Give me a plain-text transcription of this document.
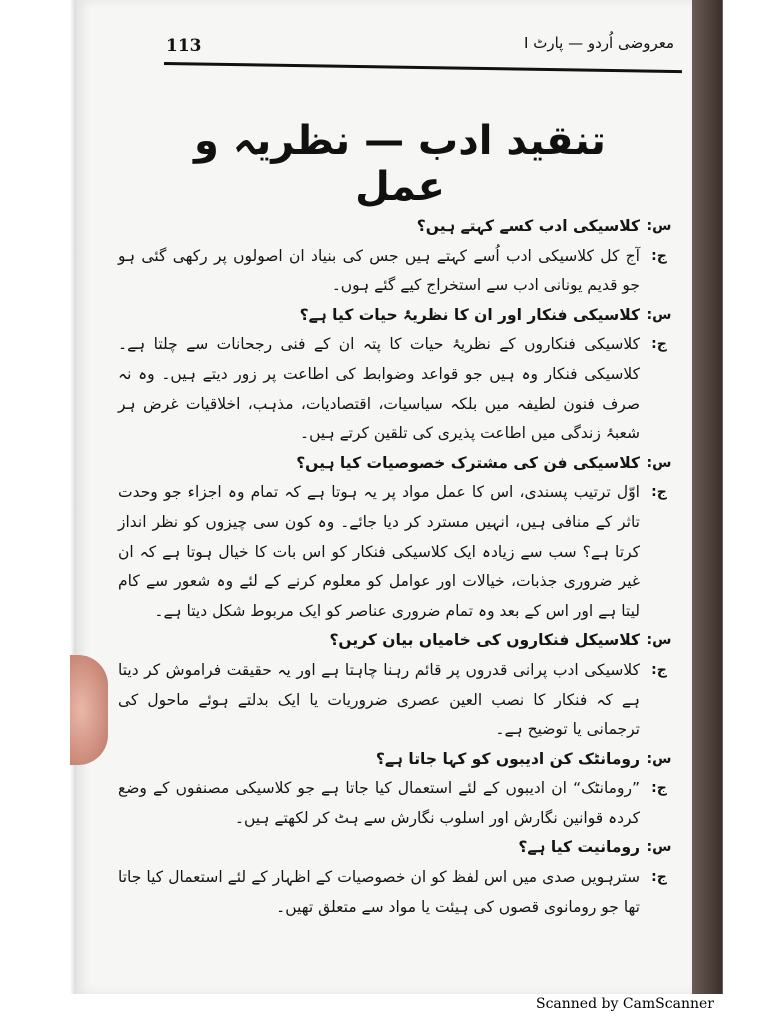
113	معروضی اُردو — پارٹ I
تنقید ادب — نظریہ و عمل
س:
کلاسیکی ادب کسے کہتے ہیں؟
ج:
آج کل کلاسیکی ادب اُسے کہتے ہیں جس کی بنیاد ان اصولوں پر رکھی گئی ہو جو قدیم یونانی ادب سے استخراج کیے گئے ہوں۔
س:
کلاسیکی فنکار اور ان کا نظریۂ حیات کیا ہے؟
ج:
کلاسیکی فنکاروں کے نظریۂ حیات کا پتہ ان کے فنی رجحانات سے چلتا ہے۔ کلاسیکی فنکار وہ ہیں جو قواعد وضوابط کی اطاعت پر زور دیتے ہیں۔ وہ نہ صرف فنون لطیفہ میں بلکہ سیاسیات، اقتصادیات، مذہب، اخلاقیات غرض ہر شعبۂ زندگی میں اطاعت پذیری کی تلقین کرتے ہیں۔
س:
کلاسیکی فن کی مشترک خصوصیات کیا ہیں؟
ج:
اوّل ترتیب پسندی، اس کا عمل مواد پر یہ ہوتا ہے کہ تمام وہ اجزاء جو وحدت تاثر کے منافی ہیں، انہیں مسترد کر دیا جائے۔ وہ کون سی چیزوں کو نظر انداز کرتا ہے؟ سب سے زیادہ ایک کلاسیکی فنکار کو اس بات کا خیال ہوتا ہے کہ ان غیر ضروری جذبات، خیالات اور عوامل کو معلوم کرنے کے لئے وہ شعور سے کام لیتا ہے اور اس کے بعد وہ تمام ضروری عناصر کو ایک مربوط شکل دیتا ہے۔
س:
کلاسیکل فنکاروں کی خامیاں بیان کریں؟
ج:
کلاسیکی ادب پرانی قدروں پر قائم رہنا چاہتا ہے اور یہ حقیقت فراموش کر دیتا ہے کہ فنکار کا نصب العین عصری ضروریات یا ایک بدلتے ہوئے ماحول کی ترجمانی یا توضیح ہے۔
س:
رومانٹک کن ادیبوں کو کہا جاتا ہے؟
ج:
”رومانٹک“ ان ادیبوں کے لئے استعمال کیا جاتا ہے جو کلاسیکی مصنفوں کے وضع کردہ قوانین نگارش اور اسلوب نگارش سے ہٹ کر لکھتے ہیں۔
س:
رومانیت کیا ہے؟
ج:
سترہویں صدی میں اس لفظ کو ان خصوصیات کے اظہار کے لئے استعمال کیا جاتا تھا جو رومانوی قصوں کی ہیئت یا مواد سے متعلق تھیں۔
Scanned by CamScanner
